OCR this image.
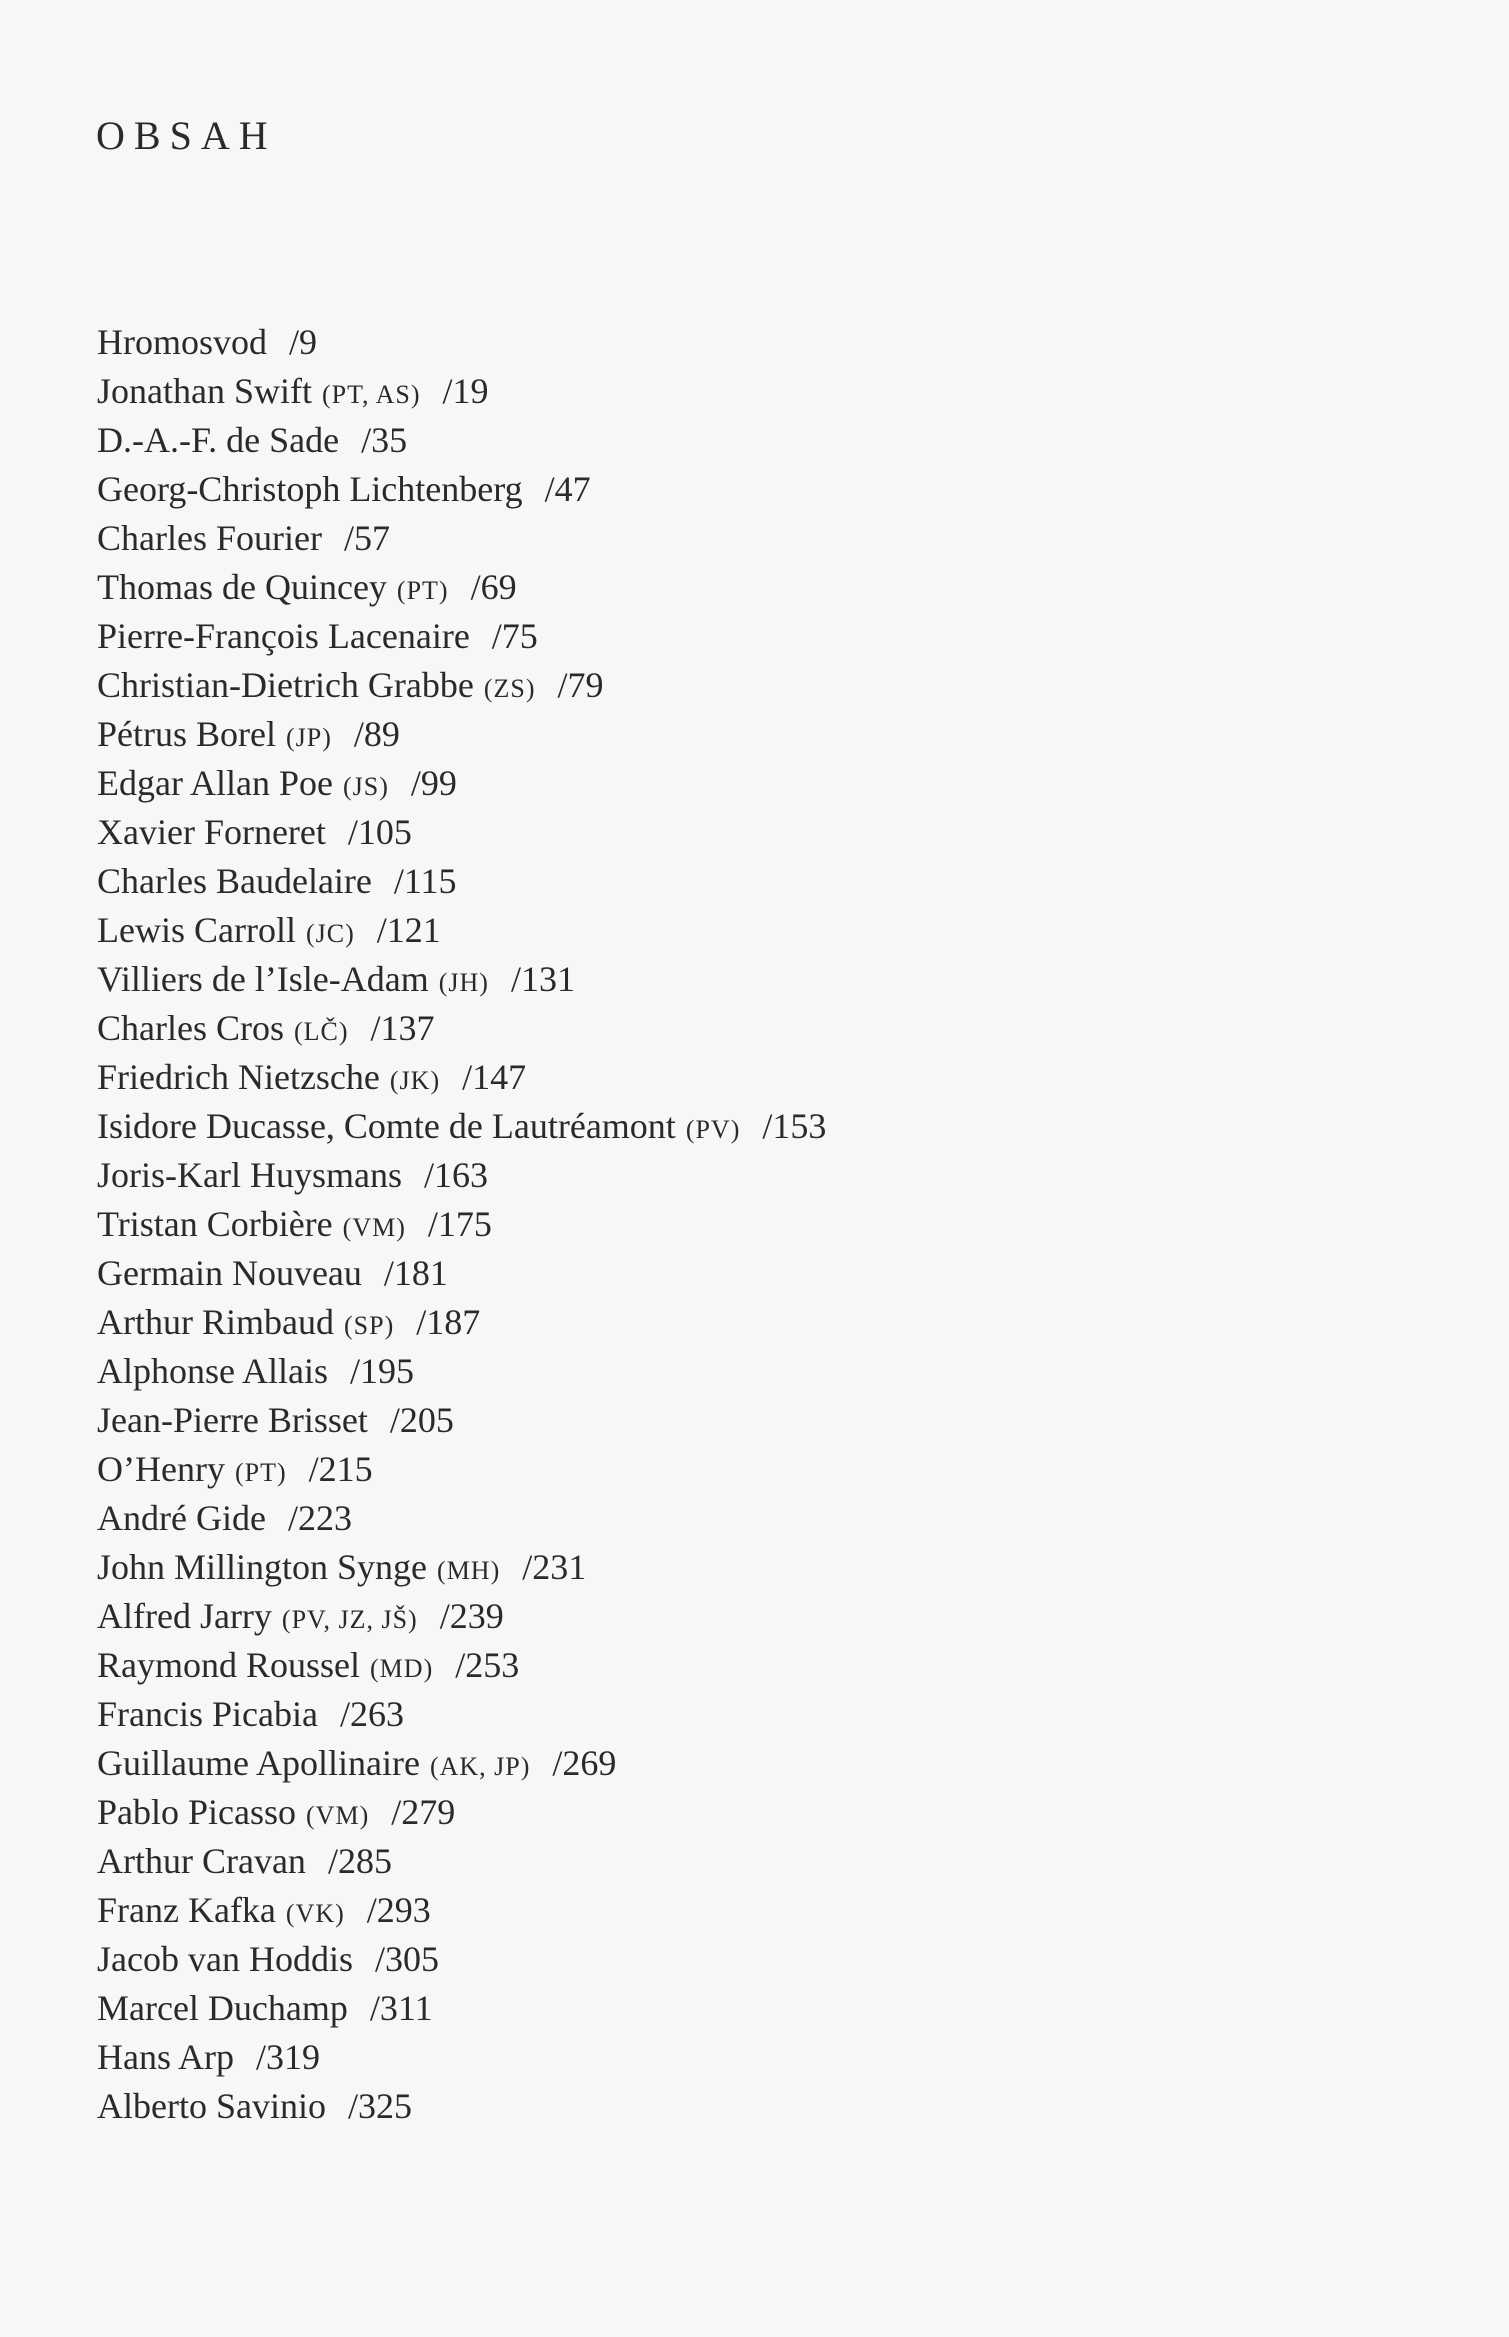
OBSAH
Hromosvod /9
Jonathan Swift (PT, AS) /19
D.-A.-F. de Sade /35
Georg-Christoph Lichtenberg /47
Charles Fourier /57
Thomas de Quincey (PT) /69
Pierre-François Lacenaire /75
Christian-Dietrich Grabbe (ZS) /79
Pétrus Borel (JP) /89
Edgar Allan Poe (JS) /99
Xavier Forneret /105
Charles Baudelaire /115
Lewis Carroll (JC) /121
Villiers de l’Isle-Adam (JH) /131
Charles Cros (LČ) /137
Friedrich Nietzsche (JK) /147
Isidore Ducasse, Comte de Lautréamont (PV) /153
Joris-Karl Huysmans /163
Tristan Corbière (VM) /175
Germain Nouveau /181
Arthur Rimbaud (SP) /187
Alphonse Allais /195
Jean-Pierre Brisset /205
O’Henry (PT) /215
André Gide /223
John Millington Synge (MH) /231
Alfred Jarry (PV, JZ, JŠ) /239
Raymond Roussel (MD) /253
Francis Picabia /263
Guillaume Apollinaire (AK, JP) /269
Pablo Picasso (VM) /279
Arthur Cravan /285
Franz Kafka (VK) /293
Jacob van Hoddis /305
Marcel Duchamp /311
Hans Arp /319
Alberto Savinio /325
